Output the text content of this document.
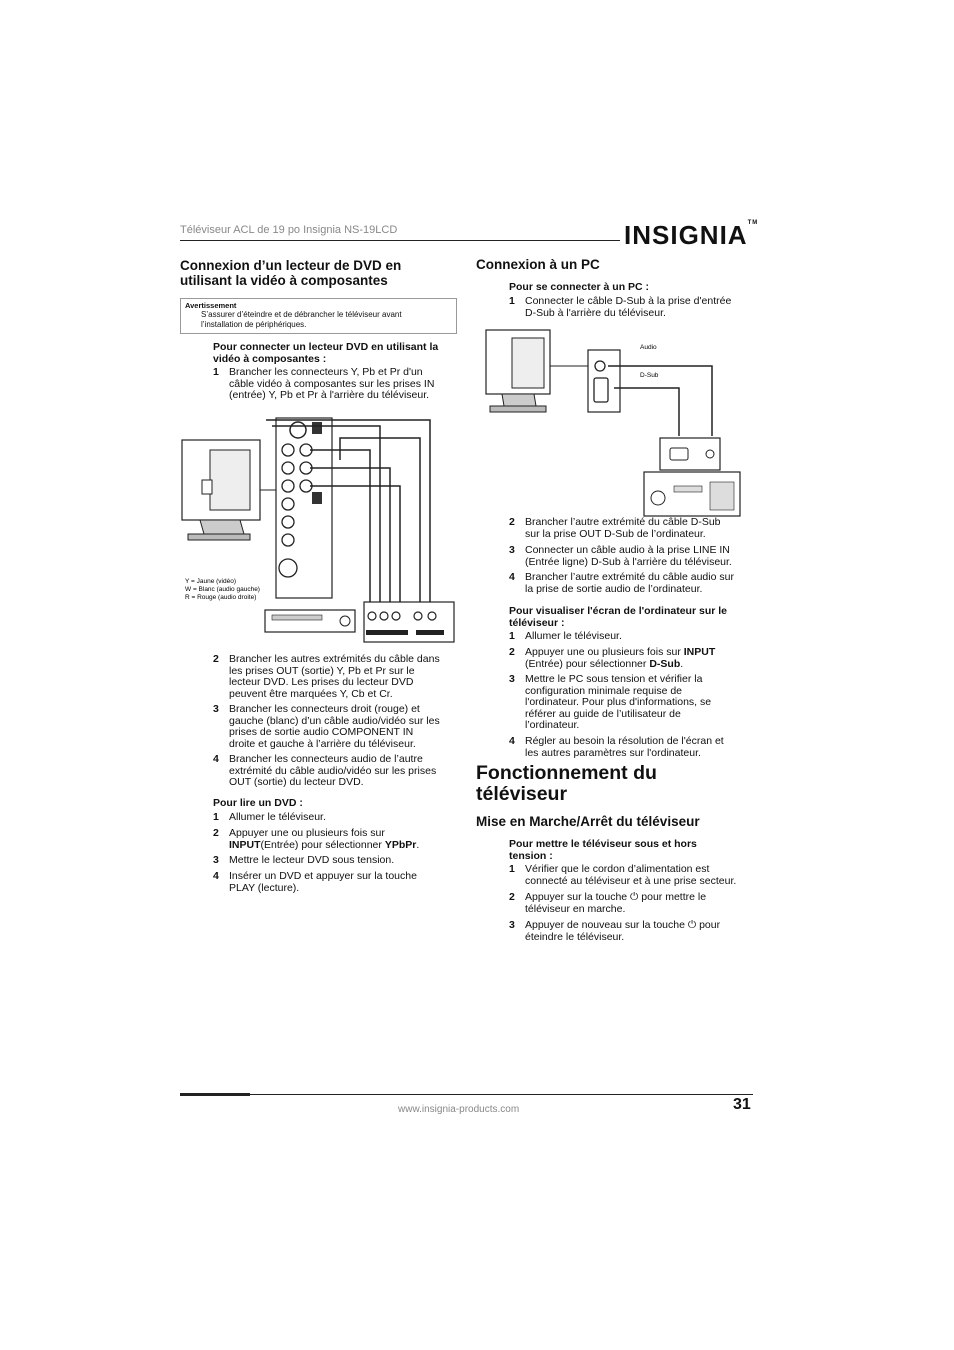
Téléviseur ACL de 19 po Insignia NS-19LCD	INSIGNIA™
Connexion d’un lecteur de DVD en
utilisant la vidéo à composantes
Avertissement
S’assurer d’éteindre et de débrancher le téléviseur avant
l’installation de périphériques.

Pour connecter un lecteur DVD en utilisant la
vidéo à composantes :

1 Brancher les connecteurs Y, Pb et Pr d'un
câble vidéo à composantes sur les prises IN
(entrée) Y, Pb et Pr à l'arrière du téléviseur.
Y = Jaune (vidéo)
W = Blanc (audio gauche)
R = Rouge (audio droite)
2 Brancher les autres extrémités du câble dans
les prises OUT (sortie) Y, Pb et Pr sur le
lecteur DVD. Les prises du lecteur DVD
peuvent être marquées Y, Cb et Cr.
3 Brancher les connecteurs droit (rouge) et
gauche (blanc) d’un câble audio/vidéo sur les
prises de sortie audio COMPONENT IN
droite et gauche à l’arrière du téléviseur.
4 Brancher les connecteurs audio de l’autre
extrémité du câble audio/vidéo sur les prises
OUT (sortie) du lecteur DVD.

Pour lire un DVD :

1 Allumer le téléviseur.
2 Appuyer une ou plusieurs fois sur
INPUT(Entrée) pour sélectionner YPbPr.
3 Mettre le lecteur DVD sous tension.
4 Insérer un DVD et appuyer sur la touche
PLAY (lecture).
Connexion à un PC

Pour se connecter à un PC :

1 Connecter le câble D-Sub à la prise d'entrée
D-Sub à l'arrière du téléviseur.
Audio
D-Sub
2 Brancher l’autre extrémité du câble D-Sub
sur la prise OUT D-Sub de l’ordinateur.
3 Connecter un câble audio à la prise LINE IN
(Entrée ligne) D-Sub à l'arrière du téléviseur.
4 Brancher l’autre extrémité du câble audio sur
la prise de sortie audio de l’ordinateur.

Pour visualiser l'écran de l'ordinateur sur le
téléviseur :

1 Allumer le téléviseur.
2 Appuyer une ou plusieurs fois sur INPUT
(Entrée) pour sélectionner D-Sub.
3 Mettre le PC sous tension et vérifier la
configuration minimale requise de
l'ordinateur. Pour plus d'informations, se
référer au guide de l’utilisateur de
l’ordinateur.
4 Régler au besoin la résolution de l'écran et
les autres paramètres sur l'ordinateur.
Fonctionnement du
téléviseur
Mise en Marche/Arrêt du téléviseur

Pour mettre le téléviseur sous et hors
tension :

1 Vérifier que le cordon d’alimentation est
connecté au téléviseur et à une prise secteur.
2 Appuyer sur la touche ⏻ pour mettre le
téléviseur en marche.
3 Appuyer de nouveau sur la touche ⏻ pour
éteindre le téléviseur.
www.insignia-products.com	31
